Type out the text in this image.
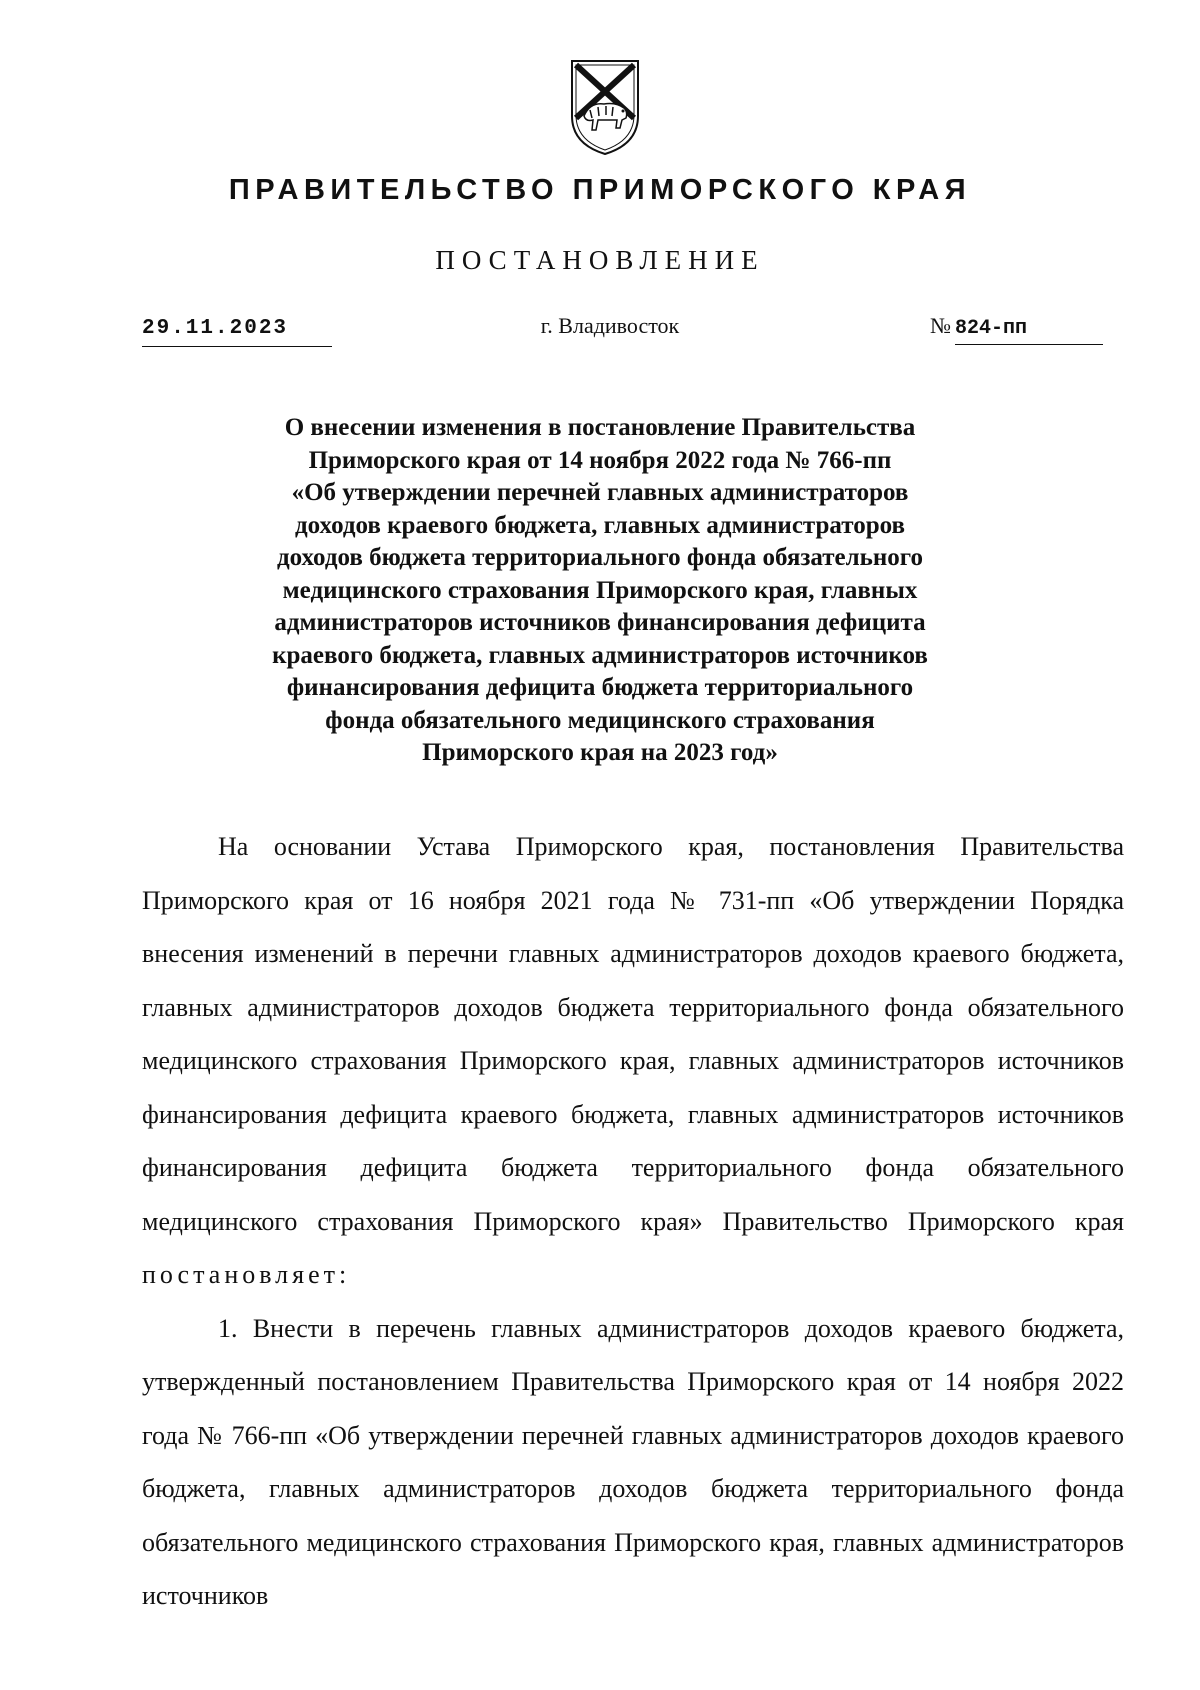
ПРАВИТЕЛЬСТВО ПРИМОРСКОГО КРАЯ
ПОСТАНОВЛЕНИЕ
29.11.2023	г. Владивосток	№ 824-пп
О внесении изменения в постановление Правительства
Приморского края от 14 ноября 2022 года № 766-пп
«Об утверждении перечней главных администраторов
доходов краевого бюджета, главных администраторов
доходов бюджета территориального фонда обязательного
медицинского страхования Приморского края, главных
администраторов источников финансирования дефицита
краевого бюджета, главных администраторов источников
финансирования дефицита бюджета территориального
фонда обязательного медицинского страхования
Приморского края на 2023 год»

На основании Устава Приморского края, постановления Правительства Приморского края от 16 ноября 2021 года № 731-пп «Об утверждении Порядка внесения изменений в перечни главных администраторов доходов краевого бюджета, главных администраторов доходов бюджета территориального фонда обязательного медицинского страхования Приморского края, главных администраторов источников финансирования дефицита краевого бюджета, главных администраторов источников финансирования дефицита бюджета территориального фонда обязательного медицинского страхования Приморского края» Правительство Приморского края постановляет:

1. Внести в перечень главных администраторов доходов краевого бюджета, утвержденный постановлением Правительства Приморского края от 14 ноября 2022 года № 766-пп «Об утверждении перечней главных администраторов доходов краевого бюджета, главных администраторов доходов бюджета территориального фонда обязательного медицинского страхования Приморского края, главных администраторов источников
